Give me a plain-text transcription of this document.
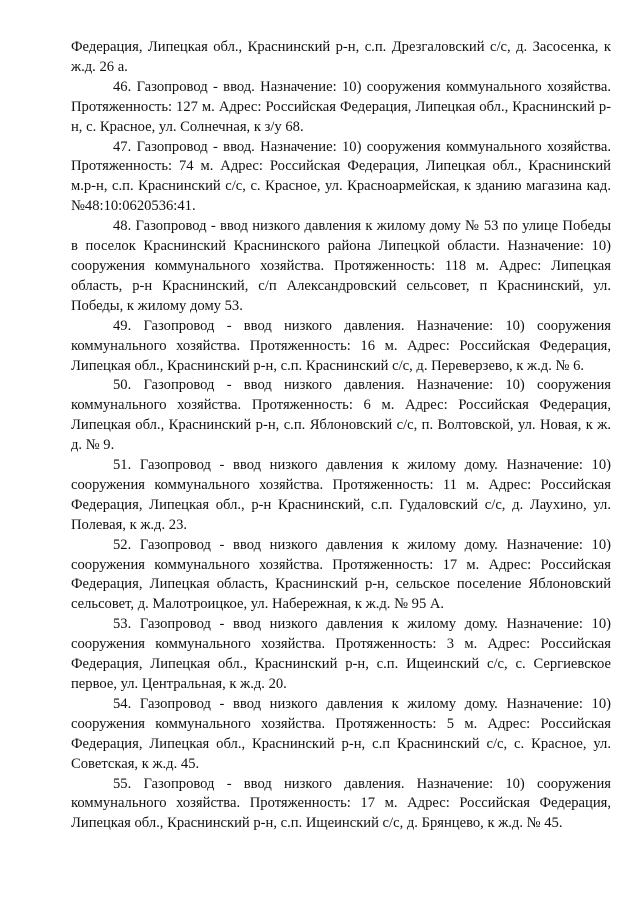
Федерация, Липецкая обл., Краснинский р-н, с.п. Дрезгаловский с/с, д. Засосенка, к ж.д. 26 а.

46. Газопровод - ввод. Назначение: 10) сооружения коммунального хозяйства. Протяженность: 127 м. Адрес: Российская Федерация, Липецкая обл., Краснинский р-н, с. Красное, ул. Солнечная, к з/у 68.

47. Газопровод - ввод. Назначение: 10) сооружения коммунального хозяйства. Протяженность: 74 м. Адрес: Российская Федерация, Липецкая обл., Краснинский м.р-н, с.п. Краснинский с/с, с. Красное, ул. Красноармейская, к зданию магазина кад. №48:10:0620536:41.

48. Газопровод - ввод низкого давления к жилому дому № 53 по улице Победы в поселок Краснинский Краснинского района Липецкой области. Назначение: 10) сооружения коммунального хозяйства. Протяженность: 118 м. Адрес: Липецкая область, р-н Краснинский, с/п Александровский сельсовет, п Краснинский, ул. Победы, к жилому дому 53.

49. Газопровод - ввод низкого давления. Назначение: 10) сооружения коммунального хозяйства. Протяженность: 16 м. Адрес: Российская Федерация, Липецкая обл., Краснинский р-н, с.п. Краснинский с/с, д. Переверзево, к ж.д. № 6.

50. Газопровод - ввод низкого давления. Назначение: 10) сооружения коммунального хозяйства. Протяженность: 6 м. Адрес: Российская Федерация, Липецкая обл., Краснинский р-н, с.п. Яблоновский с/с, п. Волтовской, ул. Новая, к ж. д. № 9.

51. Газопровод - ввод низкого давления к жилому дому. Назначение: 10) сооружения коммунального хозяйства. Протяженность: 11 м. Адрес: Российская Федерация, Липецкая обл., р-н Краснинский, с.п. Гудаловский с/с, д. Лаухино, ул. Полевая, к ж.д. 23.

52. Газопровод - ввод низкого давления к жилому дому. Назначение: 10) сооружения коммунального хозяйства. Протяженность: 17 м. Адрес: Российская Федерация, Липецкая область, Краснинский р-н, сельское поселение Яблоновский сельсовет, д. Малотроицкое, ул. Набережная, к ж.д. № 95 А.

53. Газопровод - ввод низкого давления к жилому дому. Назначение: 10) сооружения коммунального хозяйства. Протяженность: 3 м. Адрес: Российская Федерация, Липецкая обл., Краснинский р-н, с.п. Ищеинский с/с, с. Сергиевское первое, ул. Центральная, к ж.д. 20.

54. Газопровод - ввод низкого давления к жилому дому. Назначение: 10) сооружения коммунального хозяйства. Протяженность: 5 м. Адрес: Российская Федерация, Липецкая обл., Краснинский р-н, с.п Краснинский с/с, с. Красное, ул. Советская, к ж.д. 45.

55. Газопровод - ввод низкого давления. Назначение: 10) сооружения коммунального хозяйства. Протяженность: 17 м. Адрес: Российская Федерация, Липецкая обл., Краснинский р-н, с.п. Ищеинский с/с, д. Брянцево, к ж.д. № 45.
